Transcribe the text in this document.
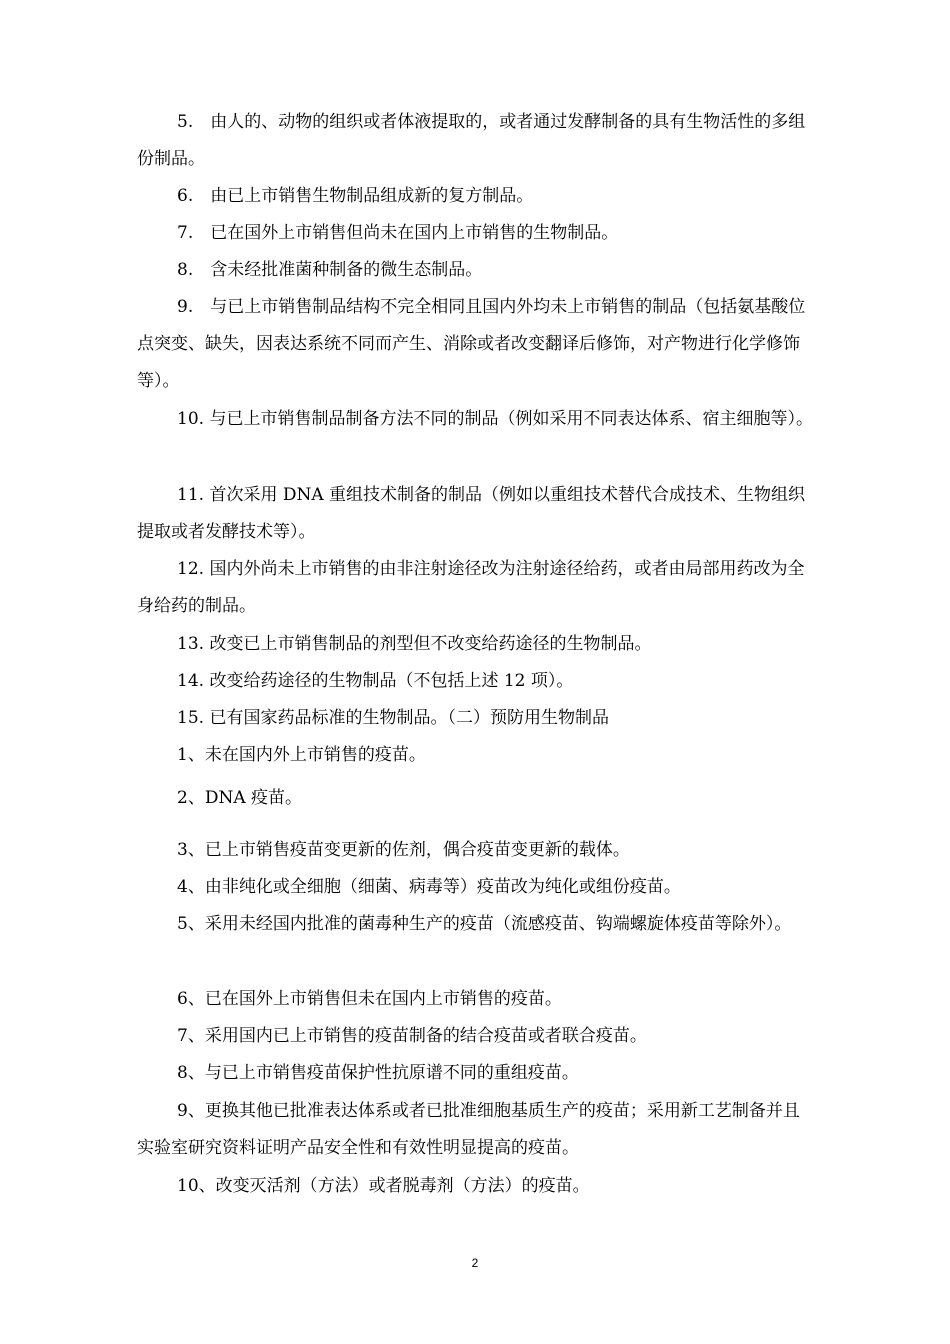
5.　由人的、动物的组织或者体液提取的，或者通过发酵制备的具有生物活性的多组份制品。

6.　由已上市销售生物制品组成新的复方制品。

7.　已在国外上市销售但尚未在国内上市销售的生物制品。

8.　含未经批准菌种制备的微生态制品。

9.　与已上市销售制品结构不完全相同且国内外均未上市销售的制品（包括氨基酸位点突变、缺失，因表达系统不同而产生、消除或者改变翻译后修饰，对产物进行化学修饰等）。

10. 与已上市销售制品制备方法不同的制品（例如采用不同表达体系、宿主细胞等）。

11. 首次采用 DNA 重组技术制备的制品（例如以重组技术替代合成技术、生物组织提取或者发酵技术等）。

12. 国内外尚未上市销售的由非注射途径改为注射途径给药，或者由局部用药改为全身给药的制品。

13. 改变已上市销售制品的剂型但不改变给药途径的生物制品。

14. 改变给药途径的生物制品（不包括上述 12 项）。

15. 已有国家药品标准的生物制品。（二）预防用生物制品

1、未在国内外上市销售的疫苗。

2、DNA 疫苗。

3、已上市销售疫苗变更新的佐剂，偶合疫苗变更新的载体。

4、由非纯化或全细胞（细菌、病毒等）疫苗改为纯化或组份疫苗。

5、采用未经国内批准的菌毒种生产的疫苗（流感疫苗、钩端螺旋体疫苗等除外）。

6、已在国外上市销售但未在国内上市销售的疫苗。

7、采用国内已上市销售的疫苗制备的结合疫苗或者联合疫苗。

8、与已上市销售疫苗保护性抗原谱不同的重组疫苗。

9、更换其他已批准表达体系或者已批准细胞基质生产的疫苗；采用新工艺制备并且实验室研究资料证明产品安全性和有效性明显提高的疫苗。

10、改变灭活剂（方法）或者脱毒剂（方法）的疫苗。

2
